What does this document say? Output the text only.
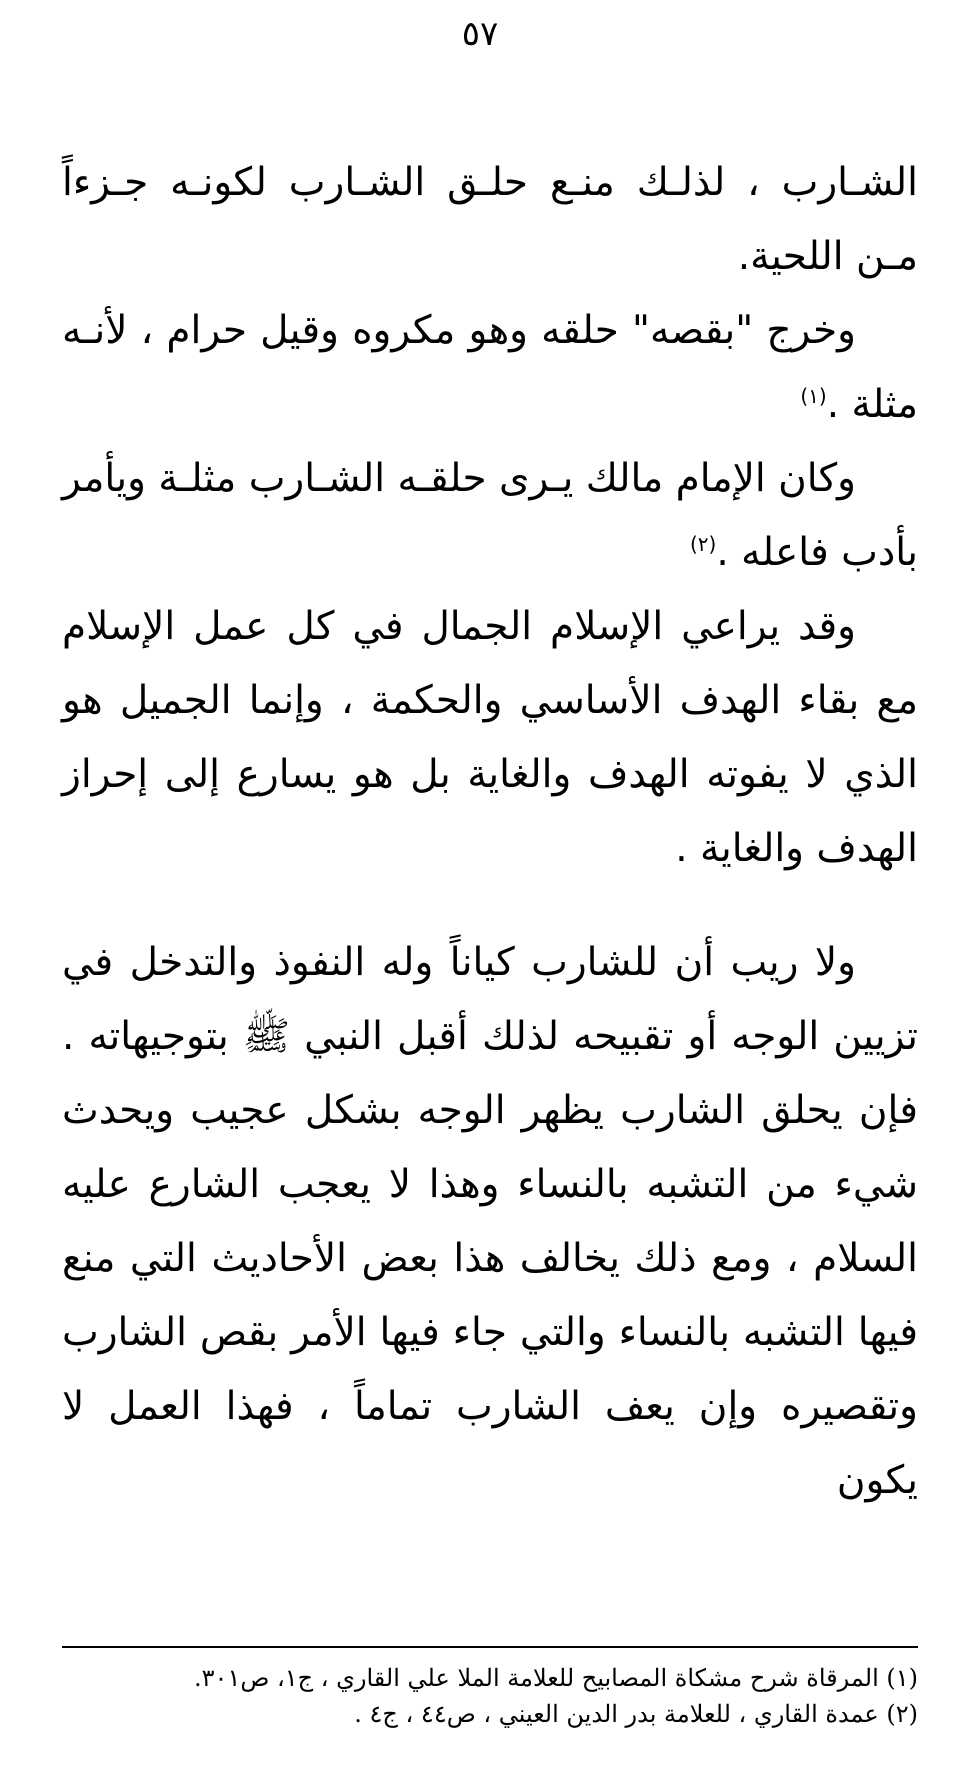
٥٧

الشـارب ، لذلـك منـع حلـق الشـارب لكونـه جـزءاً مـن اللحية.

وخرج "بقصه" حلقه وهو مكروه وقيل حرام ، لأنـه مثلة .$^{(١)}$

وكان الإمام مالك يـرى حلقـه الشـارب مثلـة ويأمر بأدب فاعله .$^{(٢)}$

وقد يراعي الإسلام الجمال في كل عمل الإسلام مع بقاء الهدف الأساسي والحكمة ، وإنما الجميل هو الذي لا يفوته الهدف والغاية بل هو يسارع إلى إحراز الهدف والغاية .

ولا ريب أن للشارب كياناً وله النفوذ والتدخل في تزيين الوجه أو تقبيحه لذلك أقبل النبي ﷺ بتوجيهاته . فإن يحلق الشارب يظهر الوجه بشكل عجيب ويحدث شيء من التشبه بالنساء وهذا لا يعجب الشارع عليه السلام ، ومع ذلك يخالف هذا بعض الأحاديث التي منع فيها التشبه بالنساء والتي جاء فيها الأمر بقص الشارب وتقصيره وإن يعف الشارب تماماً ، فهذا العمل لا يكون

(١) المرقاة شرح مشكاة المصابيح للعلامة الملا علي القاري ، ج١، ص٣٠١.

(٢) عمدة القاري ، للعلامة بدر الدين العيني ، ص٤٤ ، ج٤ .
